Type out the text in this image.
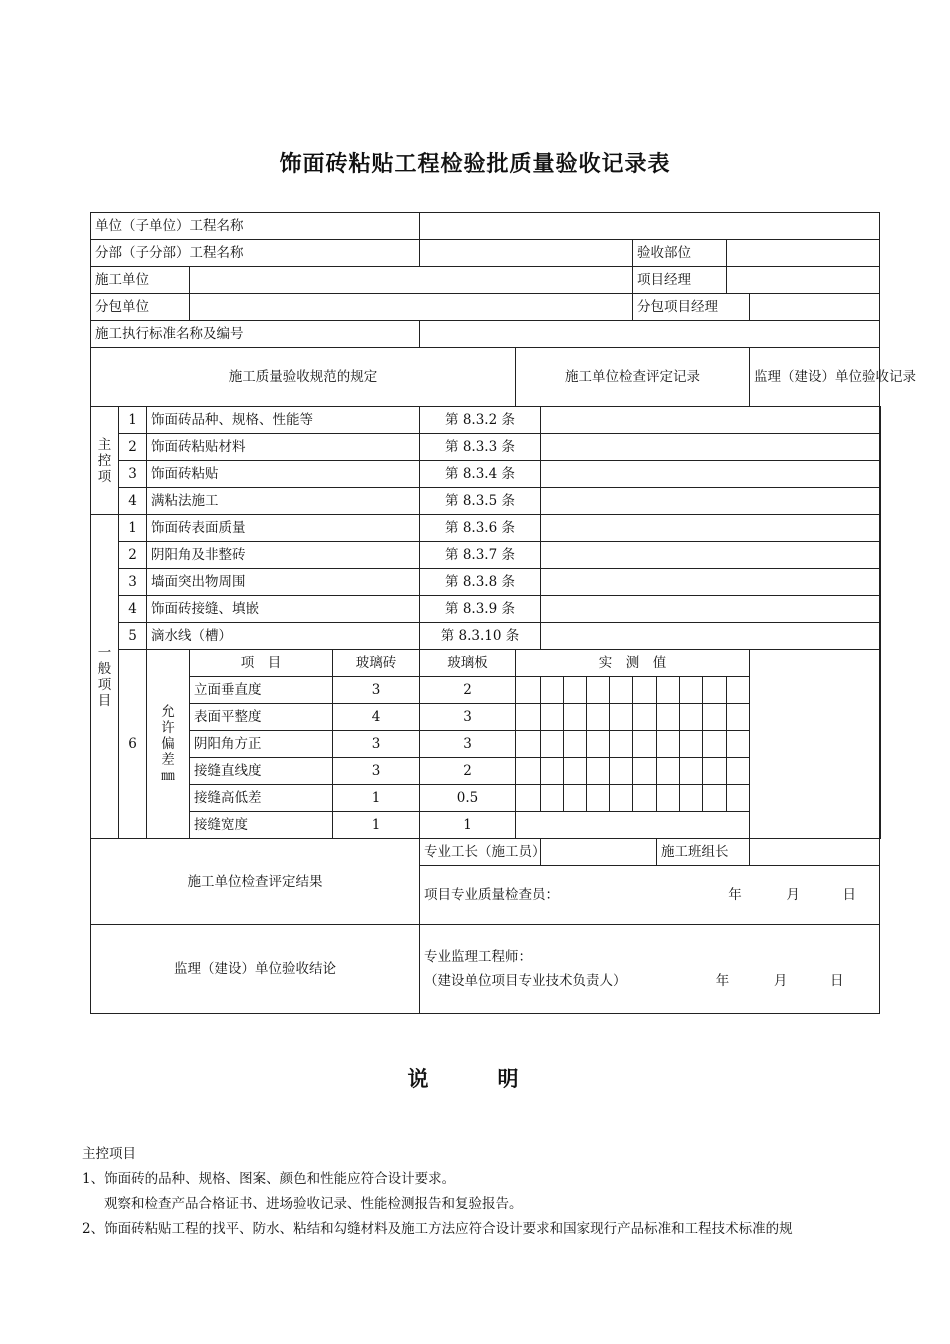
饰面砖粘贴工程检验批质量验收记录表
单位（子单位）工程名称																	
分部（子分部）工程名称											验收部位						
施工单位											项目经理						
分包单位											分包项目经理						
施工执行标准名称及编号																	
施工质量验收规范的规定						施工单位检查评定记录										监理（建设）单位验收记录	

主
控
项	1	饰面砖品种、规格、性能等			第 8.3.2 条												
	2	饰面砖粘贴材料			第 8.3.3 条												
	3	饰面砖粘贴			第 8.3.4 条												
	4	满粘法施工			第 8.3.5 条												

一
般
项
目	1	饰面砖表面质量			第 8.3.6 条												
	2	阴阳角及非整砖			第 8.3.7 条												
	3	墙面突出物周围			第 8.3.8 条												
	4	饰面砖接缝、填嵌			第 8.3.9 条												
	5	滴水线（槽）			第 8.3.10 条												
	6	允
许
偏
差
㎜	项　目	玻璃砖	玻璃板	实　测　值											
			立面垂直度	3	2												
			表面平整度	4	3												
			阴阳角方正	3	3												
			接缝直线度	3	2												
			接缝高低差	1	0.5												
			接缝宽度	1	1												
施工单位检查评定结果					专业工长（施工员）							施工班组长					
					项目专业质量检查员： 年 月 日												
监理（建设）单位验收结论					专业监理工程师：
（建设单位项目专业技术负责人） 年 月 日												
说　明
主控项目
1、饰面砖的品种、规格、图案、颜色和性能应符合设计要求。
观察和检查产品合格证书、进场验收记录、性能检测报告和复验报告。
2、饰面砖粘贴工程的找平、防水、粘结和勾缝材料及施工方法应符合设计要求和国家现行产品标准和工程技术标准的规
